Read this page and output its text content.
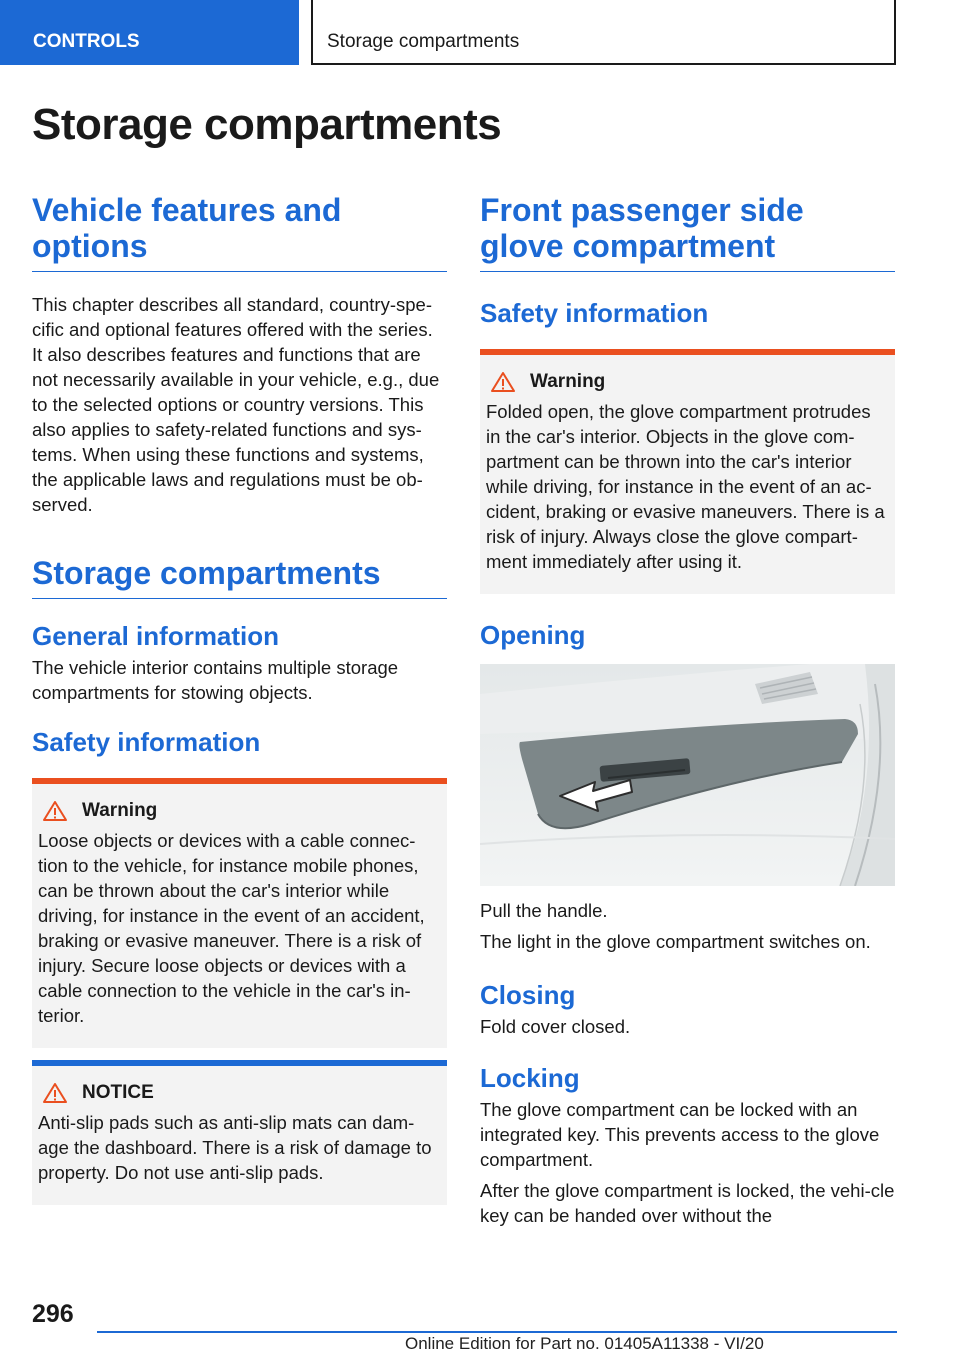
CONTROLS	Storage compartments
Storage compartments
Vehicle features and options

This chapter describes all standard, country-spe-cific and optional features offered with the series. It also describes features and functions that are not necessarily available in your vehicle, e.g., due to the selected options or country versions. This also applies to safety-related functions and sys-tems. When using these functions and systems, the applicable laws and regulations must be ob-served.

Storage compartments
General information

The vehicle interior contains multiple storage compartments for stowing objects.

Safety information
Warning

Loose objects or devices with a cable connec-tion to the vehicle, for instance mobile phones, can be thrown about the car's interior while driving, for instance in the event of an accident, braking or evasive maneuver. There is a risk of injury. Secure loose objects or devices with a cable connection to the vehicle in the car's in-terior.

NOTICE

Anti-slip pads such as anti-slip mats can dam-age the dashboard. There is a risk of damage to property. Do not use anti-slip pads.

Front passenger side glove compartment
Safety information
Warning

Folded open, the glove compartment protrudes in the car's interior. Objects in the glove com-partment can be thrown into the car's interior while driving, for instance in the event of an ac-cident, braking or evasive maneuvers. There is a risk of injury. Always close the glove compart-ment immediately after using it.

Opening

Pull the handle.

The light in the glove compartment switches on.

Closing

Fold cover closed.

Locking

The glove compartment can be locked with an integrated key. This prevents access to the glove compartment.

After the glove compartment is locked, the vehi-cle key can be handed over without the

296
Online Edition for Part no. 01405A11338 - VI/20
